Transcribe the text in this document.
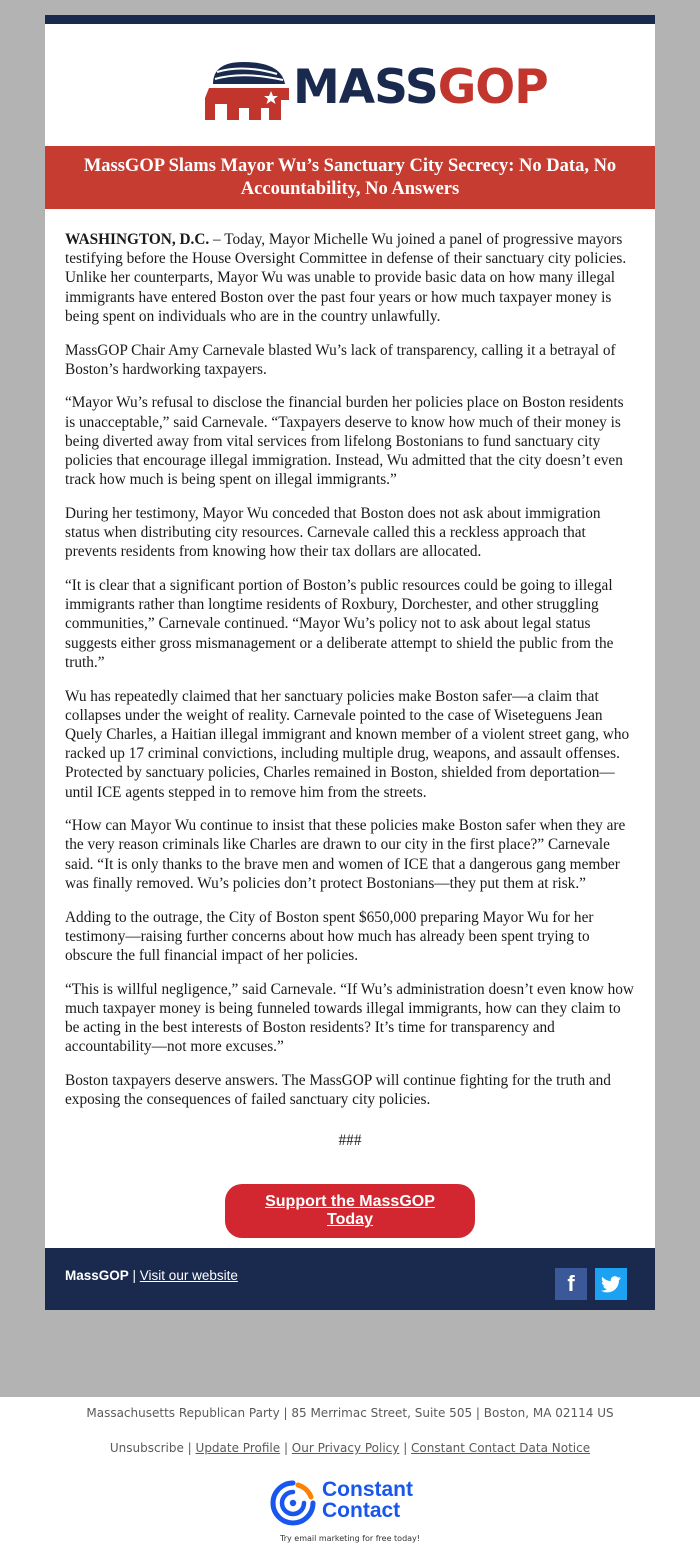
MASSGOP
MassGOP Slams Mayor Wu’s Sanctuary City Secrecy: No Data, No Accountability, No Answers

WASHINGTON, D.C. – Today, Mayor Michelle Wu joined a panel of progressive mayors testifying before the House Oversight Committee in defense of their sanctuary city policies. Unlike her counterparts, Mayor Wu was unable to provide basic data on how many illegal immigrants have entered Boston over the past four years or how much taxpayer money is being spent on individuals who are in the country unlawfully.

MassGOP Chair Amy Carnevale blasted Wu’s lack of transparency, calling it a betrayal of Boston’s hardworking taxpayers.

“Mayor Wu’s refusal to disclose the financial burden her policies place on Boston residents is unacceptable,” said Carnevale. “Taxpayers deserve to know how much of their money is being diverted away from vital services from lifelong Bostonians to fund sanctuary city policies that encourage illegal immigration. Instead, Wu admitted that the city doesn’t even track how much is being spent on illegal immigrants.”

During her testimony, Mayor Wu conceded that Boston does not ask about immigration status when distributing city resources. Carnevale called this a reckless approach that prevents residents from knowing how their tax dollars are allocated.

“It is clear that a significant portion of Boston’s public resources could be going to illegal immigrants rather than longtime residents of Roxbury, Dorchester, and other struggling communities,” Carnevale continued. “Mayor Wu’s policy not to ask about legal status suggests either gross mismanagement or a deliberate attempt to shield the public from the truth.”

Wu has repeatedly claimed that her sanctuary policies make Boston safer—a claim that collapses under the weight of reality. Carnevale pointed to the case of Wiseteguens Jean Quely Charles, a Haitian illegal immigrant and known member of a violent street gang, who racked up 17 criminal convictions, including multiple drug, weapons, and assault offenses. Protected by sanctuary policies, Charles remained in Boston, shielded from deportation—until ICE agents stepped in to remove him from the streets.

“How can Mayor Wu continue to insist that these policies make Boston safer when they are the very reason criminals like Charles are drawn to our city in the first place?” Carnevale said. “It is only thanks to the brave men and women of ICE that a dangerous gang member was finally removed. Wu’s policies don’t protect Bostonians—they put them at risk.”

Adding to the outrage, the City of Boston spent $650,000 preparing Mayor Wu for her testimony—raising further concerns about how much has already been spent trying to obscure the full financial impact of her policies.

“This is willful negligence,” said Carnevale. “If Wu’s administration doesn’t even know how much taxpayer money is being funneled towards illegal immigrants, how can they claim to be acting in the best interests of Boston residents? It’s time for transparency and accountability—not more excuses.”

Boston taxpayers deserve answers. The MassGOP will continue fighting for the truth and exposing the consequences of failed sanctuary city policies.

###

Support the MassGOP Today
MassGOP | Visit our website	f
Massachusetts Republican Party | 85 Merrimac Street, Suite 505 | Boston, MA 02114 US
Unsubscribe | Update Profile | Our Privacy Policy | Constant Contact Data Notice
Constant
Contact
Try email marketing for free today!
